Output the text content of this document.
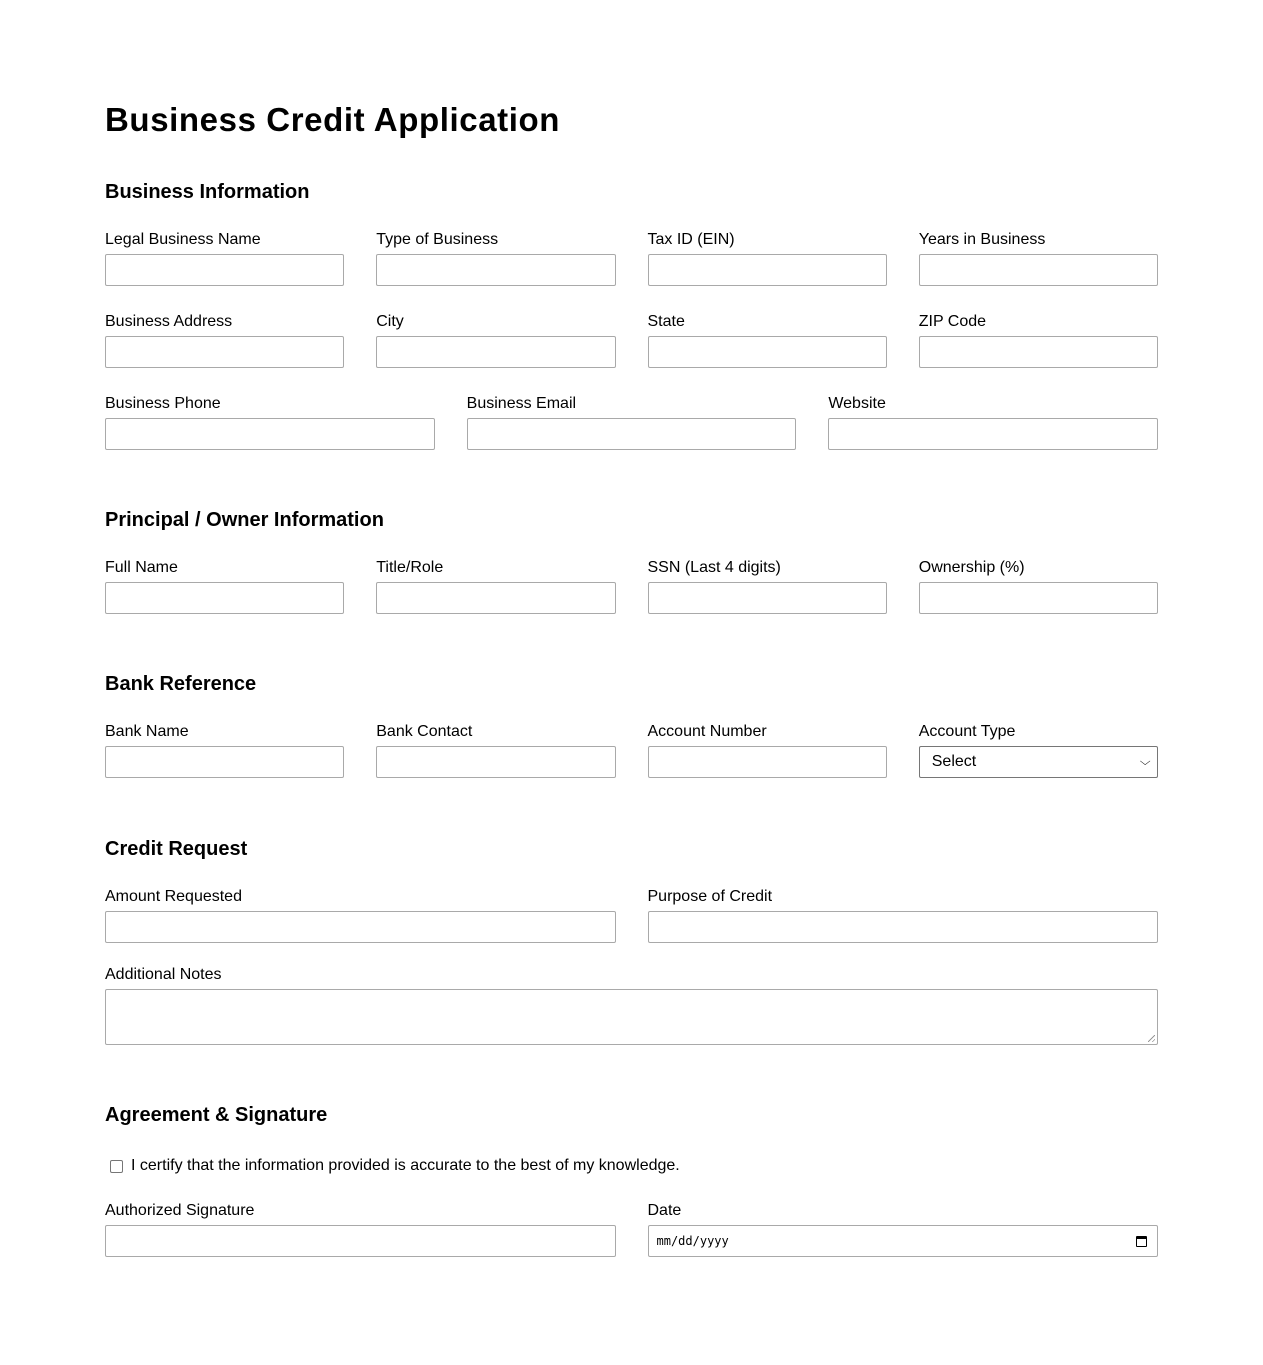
Business Credit Application
Business Information
Legal Business Name	Type of Business	Tax ID (EIN)	Years in Business
Business Address	City	State	ZIP Code
Business Phone	Business Email	Website
Principal / Owner Information
Full Name	Title/Role	SSN (Last 4 digits)	Ownership (%)
Bank Reference
Bank Name	Bank Contact	Account Number	Account Type
Select	⌵
Credit Request
Amount Requested	Purpose of Credit
Additional Notes
Agreement & Signature
I certify that the information provided is accurate to the best of my knowledge.
Authorized Signature	Date
mm/dd/yyyy
